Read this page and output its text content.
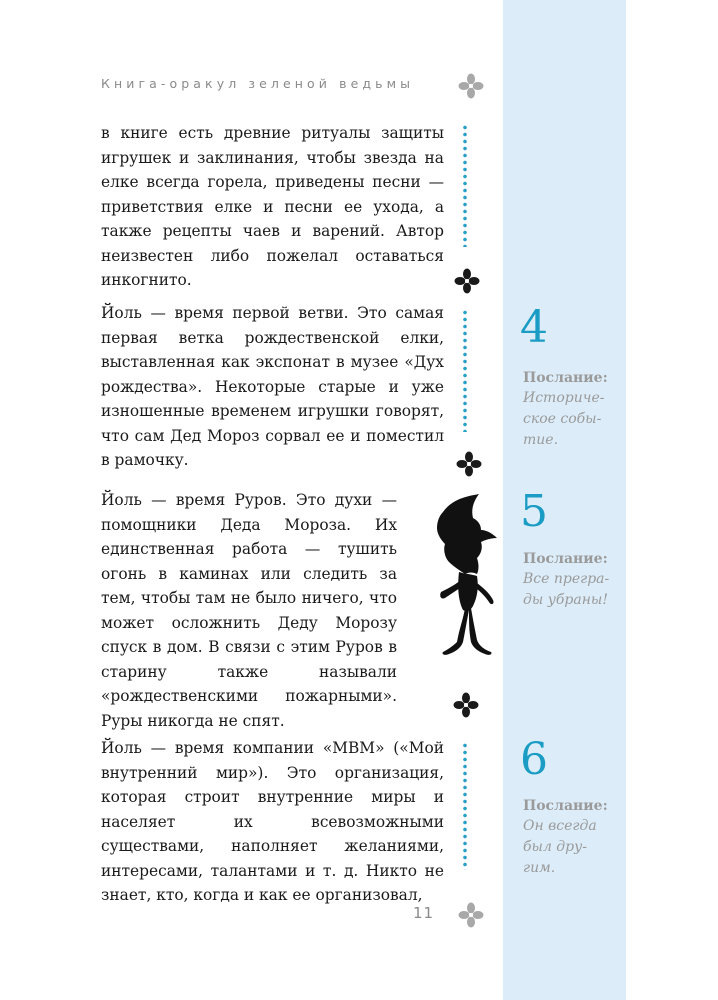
Книга-оракул зеленой ведьмы

в книге есть древние ритуалы защиты игрушек и заклинания, чтобы звезда на елке всегда горела, приведены песни — приветствия елке и песни ее ухода, а также рецепты чаев и варений. Автор неизвестен либо пожелал оставаться инкогнито.

Йоль — время первой ветви. Это самая первая ветка рождественской елки, выставленная как экспонат в музее «Дух рождества». Некоторые старые и уже изношенные временем игрушки говорят, что сам Дед Мороз сорвал ее и поместил в рамочку.

4
Послание:
Историче-
ское собы-
тие.

Йоль — время Руров. Это духи — помощники Деда Мороза. Их единственная работа — тушить огонь в каминах или следить за тем, чтобы там не было ничего, что может осложнить Деду Морозу спуск в дом. В связи с этим Руров в старину также называли «рождественскими пожарными». Руры никогда не спят.

5
Послание:
Все прегра-
ды убраны!

Йоль — время компании «МВМ» («Мой внутренний мир»). Это организация, которая строит внутренние миры и населяет их всевозможными существами, наполняет желаниями, интересами, талантами и т. д. Никто не знает, кто, когда и как ее организовал,

6
Послание:
Он всегда
был дру-
гим.
11
